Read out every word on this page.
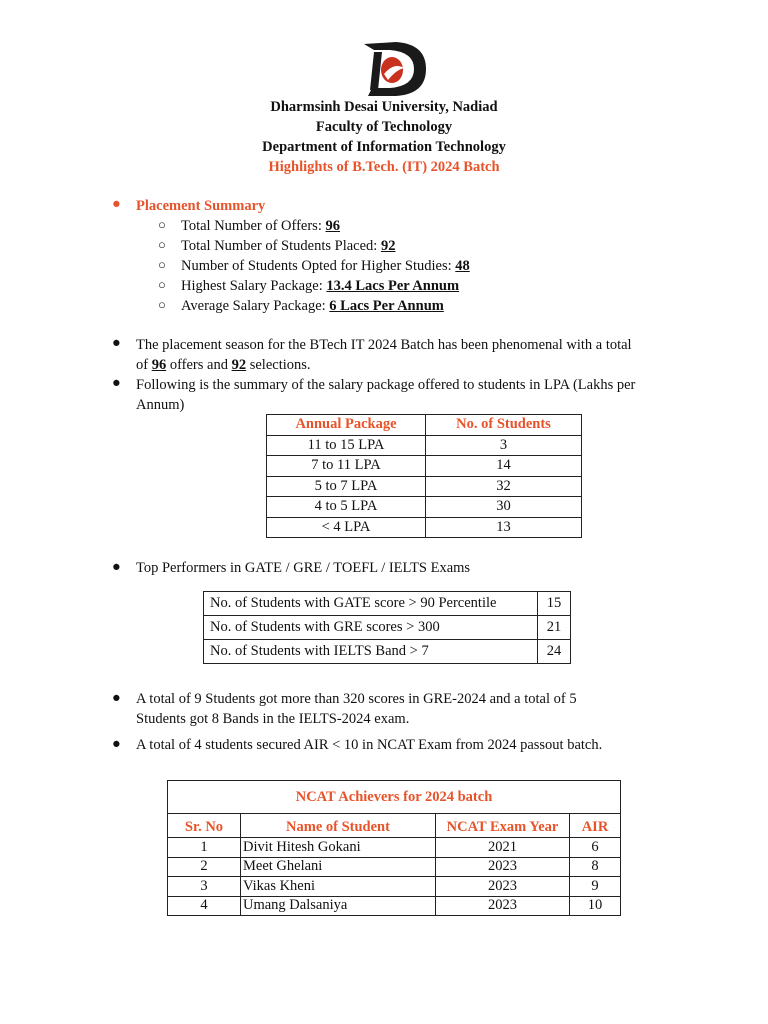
Dharmsinh Desai University, Nadiad
Faculty of Technology
Department of Information Technology
Highlights of B.Tech. (IT) 2024 Batch
● Placement Summary
○ Total Number of Offers: 96
○ Total Number of Students Placed: 92
○ Number of Students Opted for Higher Studies: 48
○ Highest Salary Package: 13.4 Lacs Per Annum
○ Average Salary Package: 6 Lacs Per Annum
● The placement season for the BTech IT 2024 Batch has been phenomenal with a total
of 96 offers and 92 selections.
● Following is the summary of the salary package offered to students in LPA (Lakhs per
Annum)
Annual Package	No. of Students
11 to 15 LPA	3
7 to 11 LPA	14
5 to 7 LPA	32
4 to 5 LPA	30
< 4 LPA	13
● Top Performers in GATE / GRE / TOEFL / IELTS Exams
No. of Students with GATE score > 90 Percentile	15
No. of Students with GRE scores > 300	21
No. of Students with IELTS Band > 7	24
● A total of 9 Students got more than 320 scores in GRE-2024 and a total of 5
Students got 8 Bands in the IELTS-2024 exam.
● A total of 4 students secured AIR < 10 in NCAT Exam from 2024 passout batch.
NCAT Achievers for 2024 batch			
Sr. No	Name of Student	NCAT Exam Year	AIR
1	Divit Hitesh Gokani	2021	6
2	Meet Ghelani	2023	8
3	Vikas Kheni	2023	9
4	Umang Dalsaniya	2023	10
